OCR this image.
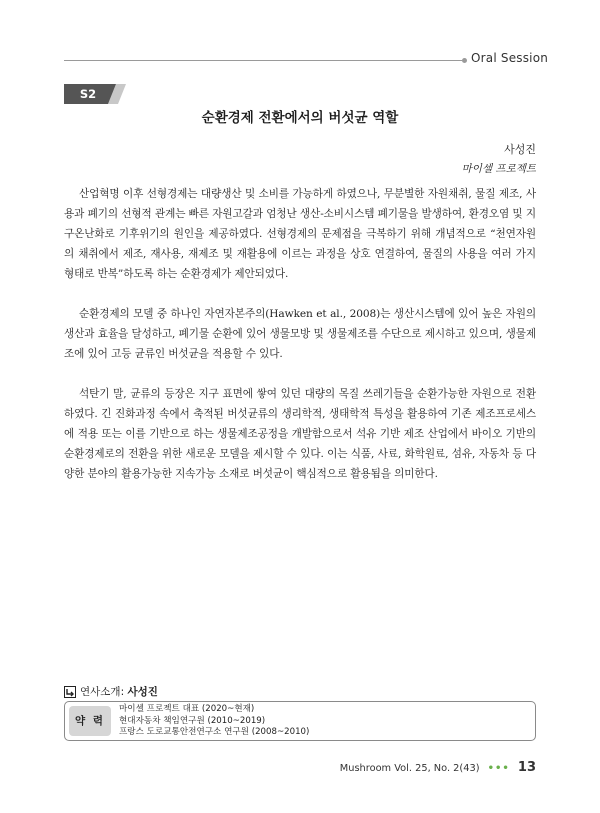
Oral Session
S2
순환경제 전환에서의 버섯균 역할
사성진
마이셀 프로젝트

산업혁명 이후 선형경제는 대량생산 및 소비를 가능하게 하였으나, 무분별한 자원채취, 물질 제조, 사용과 폐기의 선형적 관계는 빠른 자원고갈과 엄청난 생산-소비시스템 폐기물을 발생하여, 환경오염 및 지구온난화로 기후위기의 원인을 제공하였다. 선형경제의 문제점을 극복하기 위해 개념적으로 “천연자원의 채취에서 제조, 재사용, 재제조 및 재활용에 이르는 과정을 상호 연결하여, 물질의 사용을 여러 가지 형태로 반복”하도록 하는 순환경제가 제안되었다.

순환경제의 모델 중 하나인 자연자본주의(Hawken et al., 2008)는 생산시스템에 있어 높은 자원의 생산과 효율을 달성하고, 폐기물 순환에 있어 생물모방 및 생물제조를 수단으로 제시하고 있으며, 생물제조에 있어 고등 균류인 버섯균을 적용할 수 있다.

석탄기 말, 균류의 등장은 지구 표면에 쌓여 있던 대량의 목질 쓰레기들을 순환가능한 자원으로 전환하였다. 긴 진화과정 속에서 축적된 버섯균류의 생리학적, 생태학적 특성을 활용하여 기존 제조프로세스에 적용 또는 이를 기반으로 하는 생물제조공정을 개발함으로서 석유 기반 제조 산업에서 바이오 기반의 순환경제로의 전환을 위한 새로운 모델을 제시할 수 있다. 이는 식품, 사료, 화학원료, 섬유, 자동차 등 다양한 분야의 활용가능한 지속가능 소재로 버섯균이 핵심적으로 활용됨을 의미한다.

연사소개: 사성진
약 력
마이셀 프로젝트 대표 (2020~현재)
현대자동차 책임연구원 (2010~2019)
프랑스 도로교통안전연구소 연구원 (2008~2010)
Mushroom Vol. 25, No. 2(43) ••• 13
